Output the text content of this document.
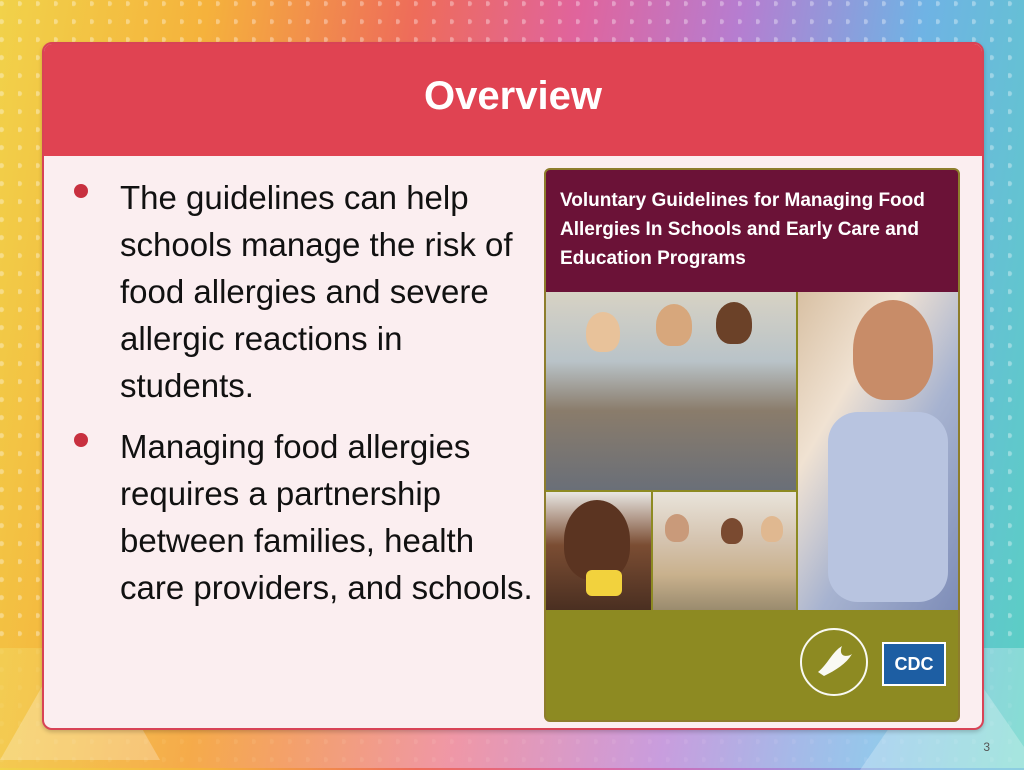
Overview
The guidelines can help schools manage the risk of food allergies and severe allergic reactions in students.
Managing food allergies requires a partnership between families, health care providers, and schools.
Voluntary Guidelines for Managing Food Allergies In Schools and Early Care and Education Programs
CDC
3
